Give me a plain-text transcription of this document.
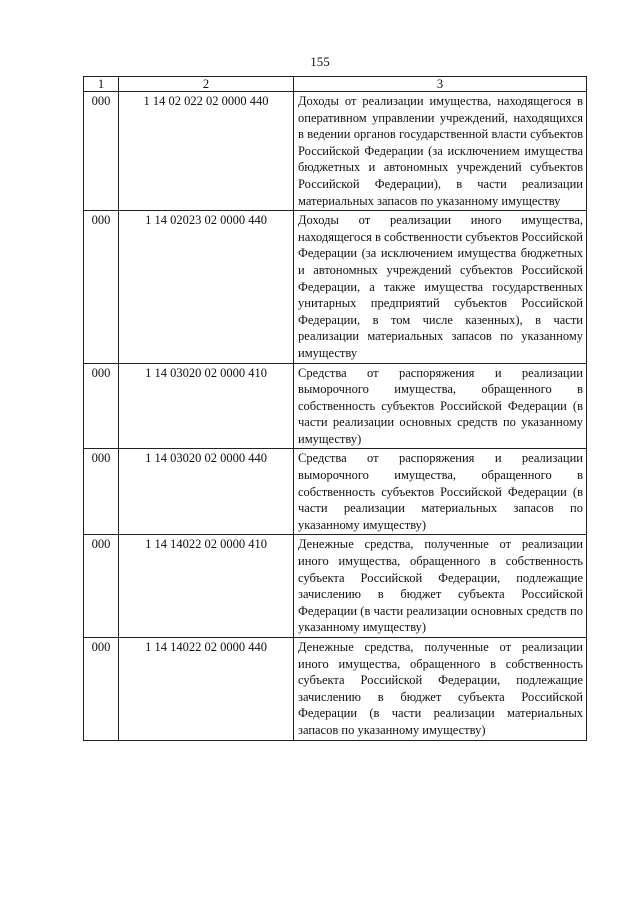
155
1	2	3
000	1 14 02 022 02 0000 440	Доходы от реализации имущества, находящегося в оперативном управлении учреждений, находящихся в ведении органов государственной власти субъектов Российской Федерации (за исключением имущества бюджетных и автономных учреждений субъектов Российской Федерации), в части реализации материальных запасов по указанному имуществу
000	1 14 02023 02 0000 440	Доходы от реализации иного имущества, находящегося в собственности субъектов Российской Федерации (за исключением имущества бюджетных и автономных учреждений субъектов Российской Федерации, а также имущества государственных унитарных предприятий субъектов Российской Федерации, в том числе казенных), в части реализации материальных запасов по указанному имуществу
000	1 14 03020 02 0000 410	Средства от распоряжения и реализации выморочного имущества, обращенного в собственность субъектов Российской Федерации (в части реализации основных средств по указанному имуществу)
000	1 14 03020 02 0000 440	Средства от распоряжения и реализации выморочного имущества, обращенного в собственность субъектов Российской Федерации (в части реализации материальных запасов по указанному имуществу)
000	1 14 14022 02 0000 410	Денежные средства, полученные от реализации иного имущества, обращенного в собственность субъекта Российской Федерации, подлежащие зачислению в бюджет субъекта Российской Федерации (в части реализации основных средств по указанному имуществу)
000	1 14 14022 02 0000 440	Денежные средства, полученные от реализации иного имущества, обращенного в собственность субъекта Российской Федерации, подлежащие зачислению в бюджет субъекта Российской Федерации (в части реализации материальных запасов по указанному имуществу)
